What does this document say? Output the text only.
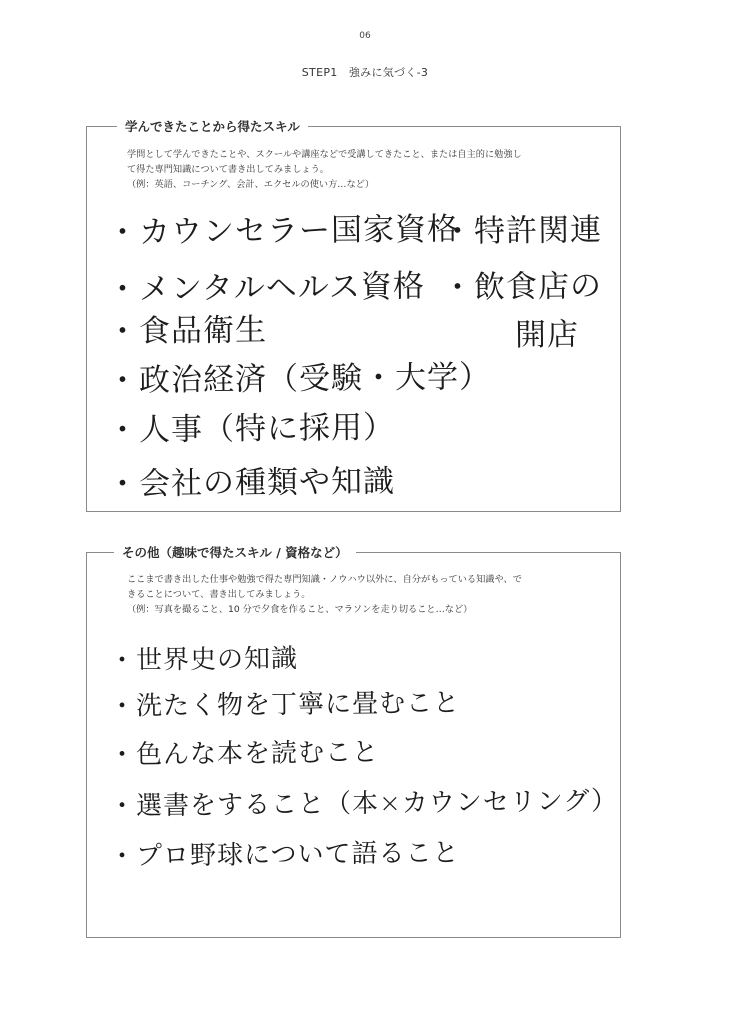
06
STEP1　強みに気づく-3
学んできたことから得たスキル

学問として学んできたことや、スクールや講座などで受講してきたこと、または自主的に勉強し

て得た専門知識について書き出してみましょう。

（例：英語、コーチング、会計、エクセルの使い方…など）

・カウンセラー国家資格
・メンタルヘルス資格
・食品衛生
・政治経済（受験・大学）
・人事（特に採用）
・会社の種類や知識
・特許関連
・飲食店の
開店
その他（趣味で得たスキル / 資格など）

ここまで書き出した仕事や勉強で得た専門知識・ノウハウ以外に、自分がもっている知識や、で

きることについて、書き出してみましょう。

（例：写真を撮ること、10 分で夕食を作ること、マラソンを走り切ること…など）

・世界史の知識
・洗たく物を丁寧に畳むこと
・色んな本を読むこと
・選書をすること（本×カウンセリング）
・プロ野球について語ること
